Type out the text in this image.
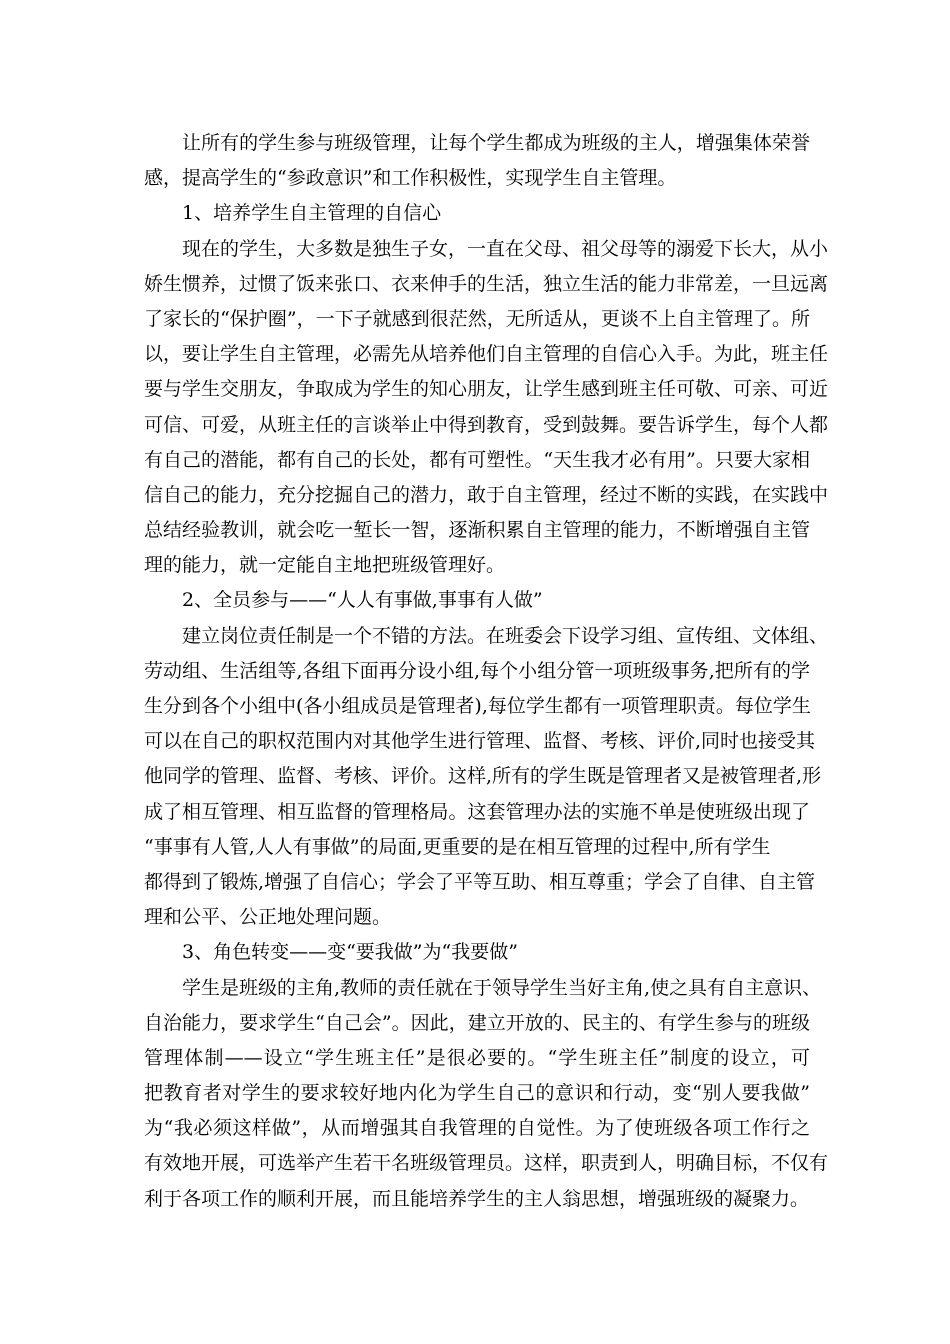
让所有的学生参与班级管理，让每个学生都成为班级的主人，增强集体荣誉
感，提高学生的“参政意识”和工作积极性，实现学生自主管理。
1、培养学生自主管理的自信心
现在的学生，大多数是独生子女，一直在父母、祖父母等的溺爱下长大，从小
娇生惯养，过惯了饭来张口、衣来伸手的生活，独立生活的能力非常差，一旦远离
了家长的“保护圈”，一下子就感到很茫然，无所适从，更谈不上自主管理了。所
以，要让学生自主管理，必需先从培养他们自主管理的自信心入手。为此，班主任
要与学生交朋友，争取成为学生的知心朋友，让学生感到班主任可敬、可亲、可近
可信、可爱，从班主任的言谈举止中得到教育，受到鼓舞。要告诉学生，每个人都
有自己的潜能，都有自己的长处，都有可塑性。“天生我才必有用”。只要大家相
信自己的能力，充分挖掘自己的潜力，敢于自主管理，经过不断的实践，在实践中
总结经验教训，就会吃一堑长一智，逐渐积累自主管理的能力，不断增强自主管
理的能力，就一定能自主地把班级管理好。
2、全员参与——“人人有事做,事事有人做”
建立岗位责任制是一个不错的方法。在班委会下设学习组、宣传组、文体组、
劳动组、生活组等,各组下面再分设小组,每个小组分管一项班级事务,把所有的学
生分到各个小组中(各小组成员是管理者),每位学生都有一项管理职责。每位学生
可以在自己的职权范围内对其他学生进行管理、监督、考核、评价,同时也接受其
他同学的管理、监督、考核、评价。这样,所有的学生既是管理者又是被管理者,形
成了相互管理、相互监督的管理格局。这套管理办法的实施不单是使班级出现了
“事事有人管,人人有事做”的局面,更重要的是在相互管理的过程中,所有学生
都得到了锻炼,增强了自信心；学会了平等互助、相互尊重；学会了自律、自主管
理和公平、公正地处理问题。
3、角色转变——变“要我做”为“我要做”
学生是班级的主角,教师的责任就在于领导学生当好主角,使之具有自主意识、
自治能力，要求学生“自己会”。因此，建立开放的、民主的、有学生参与的班级
管理体制——设立“学生班主任”是很必要的。“学生班主任”制度的设立，可
把教育者对学生的要求较好地内化为学生自己的意识和行动，变“别人要我做”
为“我必须这样做”，从而增强其自我管理的自觉性。为了使班级各项工作行之
有效地开展，可选举产生若干名班级管理员。这样，职责到人，明确目标，不仅有
利于各项工作的顺利开展，而且能培养学生的主人翁思想，增强班级的凝聚力。
